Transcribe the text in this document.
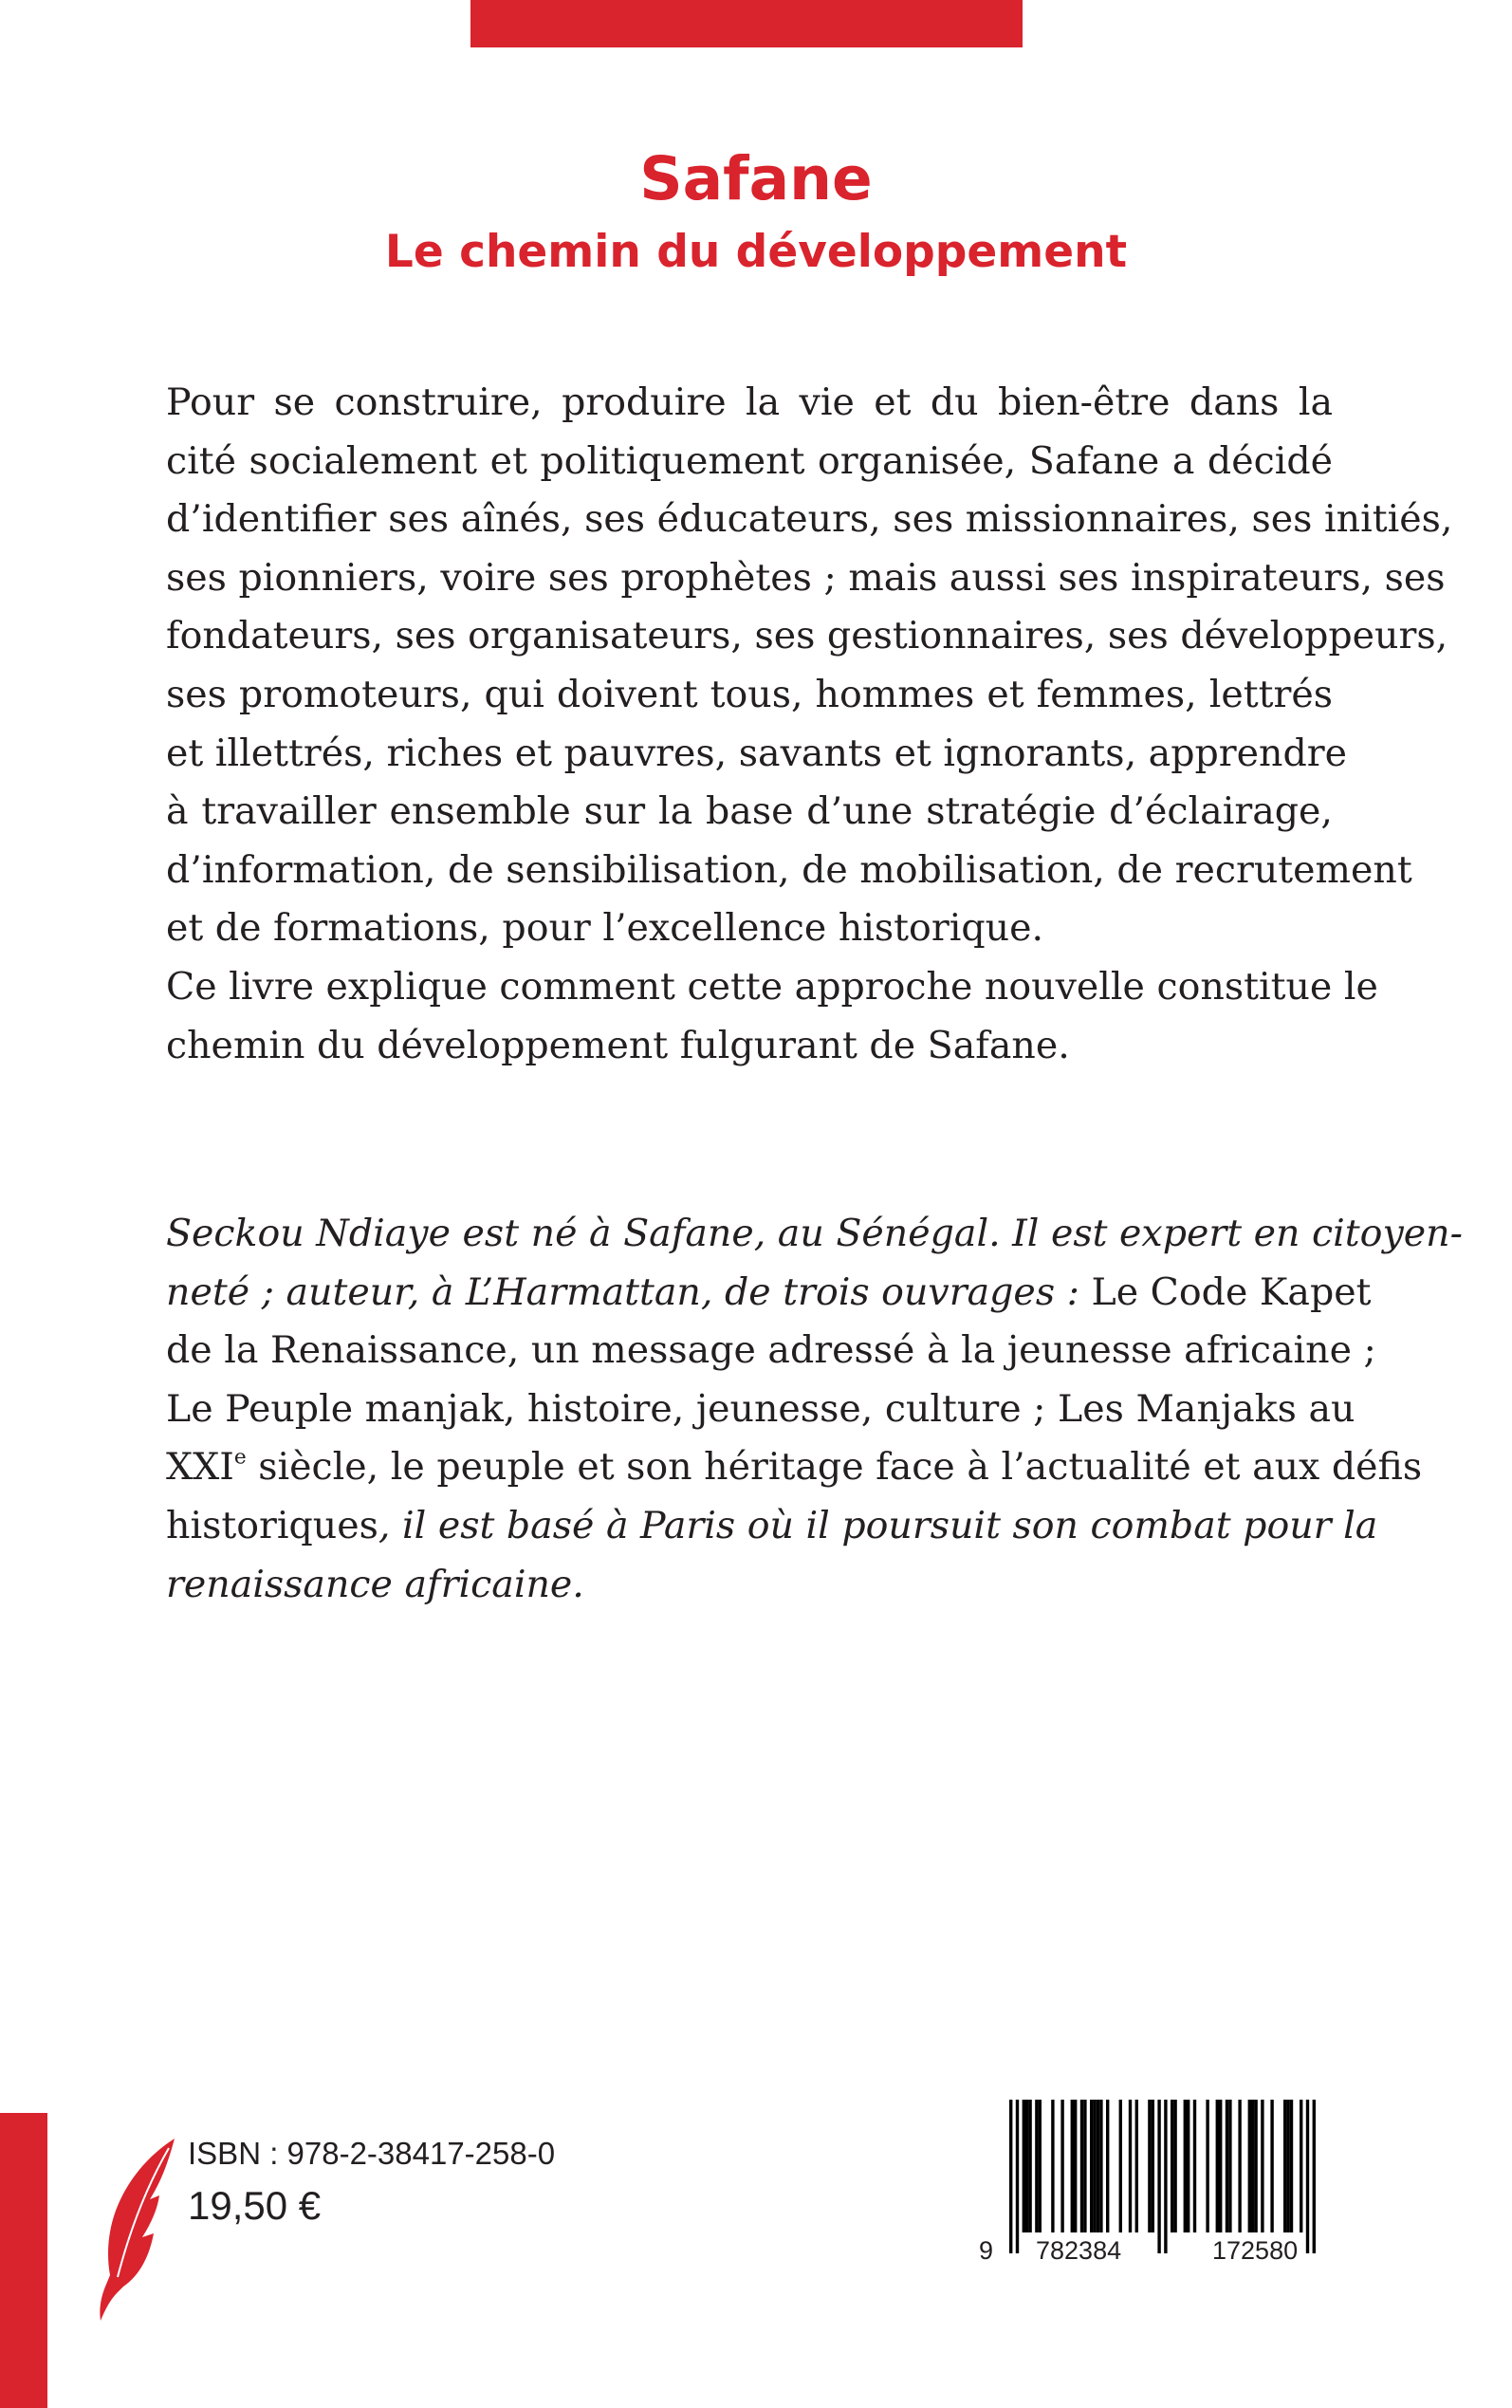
Safane
Le chemin du développement
Pour se construire, produire la vie et du bien-être dans la
cité socialement et politiquement organisée, Safane a décidé
d’identifier ses aînés, ses éducateurs, ses missionnaires, ses initiés,
ses pionniers, voire ses prophètes ; mais aussi ses inspirateurs, ses
fondateurs, ses organisateurs, ses gestionnaires, ses développeurs,
ses promoteurs, qui doivent tous, hommes et femmes, lettrés
et illettrés, riches et pauvres, savants et ignorants, apprendre
à travailler ensemble sur la base d’une stratégie d’éclairage,
d’information, de sensibilisation, de mobilisation, de recrutement
et de formations, pour l’excellence historique.
Ce livre explique comment cette approche nouvelle constitue le
chemin du développement fulgurant de Safane.
Seckou Ndiaye est né à Safane, au Sénégal. Il est expert en citoyen-
neté ; auteur, à L’Harmattan, de trois ouvrages : Le Code Kapet
de la Renaissance, un message adressé à la jeunesse africaine ;
Le Peuple manjak, histoire, jeunesse, culture ; Les Manjaks au
XXIe siècle, le peuple et son héritage face à l’actualité et aux défis
historiques, il est basé à Paris où il poursuit son combat pour la
renaissance africaine.

ISBN : 978-2-38417-258-0

19,50 €

9 782384	172580
